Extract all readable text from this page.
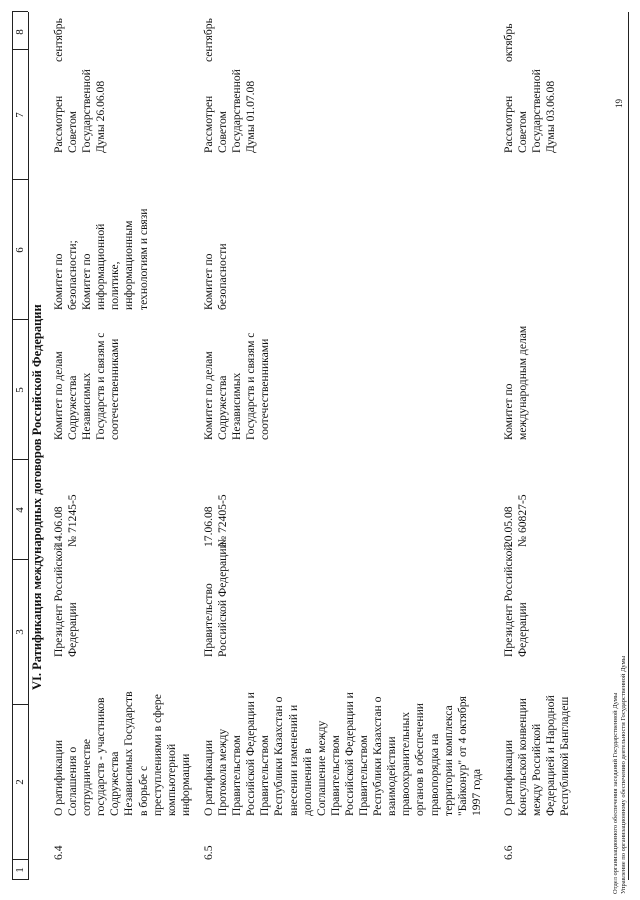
1
2
3
4
5
6
7
8
VI. Ратификация международных договоров Российской Федерации
6.4
О ратификации
Соглашения о
сотрудничестве
государств - участников
Содружества
Независимых Государств
в борьбе с
преступлениями в сфере
компьютерной
информации
Президент Российской
Федерации
14.06.08
№ 71245-5
Комитет по делам
Содружества
Независимых
Государств и связям с
соотечественниками
Комитет по
безопасности;
Комитет по
информационной
политике,
информационным
технологиям и связи
Рассмотрен
Советом
Государственной
Думы 26.06.08
сентябрь
6.5
О ратификации
Протокола между
Правительством
Российской Федерации и
Правительством
Республики Казахстан о
внесении изменений и
дополнений в
Соглашение между
Правительством
Российской Федерации и
Правительством
Республики Казахстан о
взаимодействии
правоохранительных
органов в обеспечении
правопорядка на
территории комплекса
"Байконур" от 4 октября
1997 года
Правительство
Российской Федерации
17.06.08
№ 72405-5
Комитет по делам
Содружества
Независимых
Государств и связям с
соотечественниками
Комитет по
безопасности
Рассмотрен
Советом
Государственной
Думы 01.07.08
сентябрь
6.6
О ратификации
Консульской конвенции
между Российской
Федерацией и Народной
Республикой Бангладеш
Президент Российской
Федерации
20.05.08
№ 60827-5
Комитет по
международным делам
Рассмотрен
Советом
Государственной
Думы 03.06.08
октябрь
Отдел организационного обеспечения заседаний Государственной Думы Управление по организационному обеспечению деятельности Государственной Думы
19
